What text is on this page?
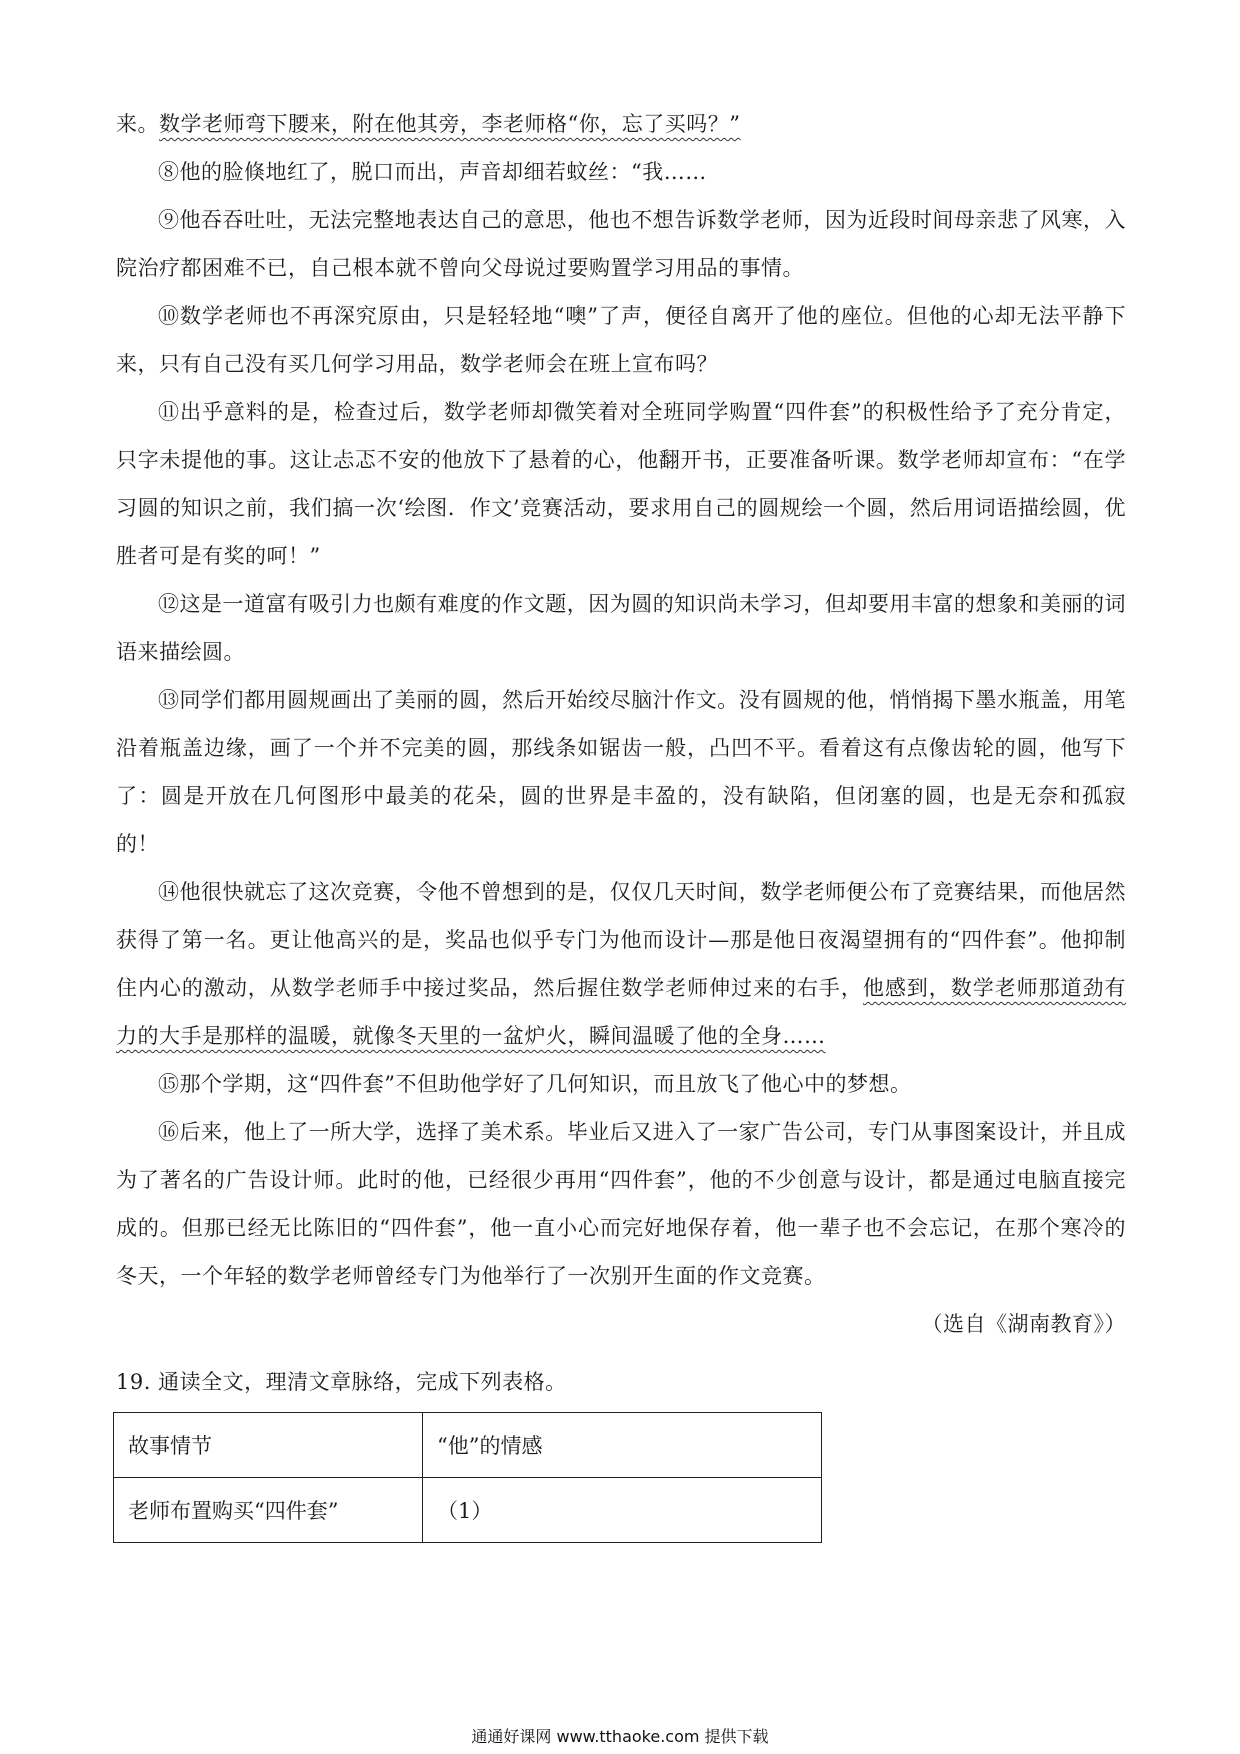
来。数学老师弯下腰来，附在他其旁，李老师格“你，忘了买吗？”

⑧他的脸倏地红了，脱口而出，声音却细若蚊丝：“我……

⑨他吞吞吐吐，无法完整地表达自己的意思，他也不想告诉数学老师，因为近段时间母亲悲了风寒，入院治疗都困难不已，自己根本就不曾向父母说过要购置学习用品的事情。

⑩数学老师也不再深究原由，只是轻轻地“噢”了声，便径自离开了他的座位。但他的心却无法平静下来，只有自己没有买几何学习用品，数学老师会在班上宣布吗？

⑪出乎意料的是，检查过后，数学老师却微笑着对全班同学购置“四件套”的积极性给予了充分肯定，只字未提他的事。这让忐忑不安的他放下了悬着的心，他翻开书，正要准备听课。数学老师却宣布：“在学习圆的知识之前，我们搞一次‘绘图．作文’竞赛活动，要求用自己的圆规绘一个圆，然后用词语描绘圆，优胜者可是有奖的呵！”

⑫这是一道富有吸引力也颇有难度的作文题，因为圆的知识尚未学习，但却要用丰富的想象和美丽的词语来描绘圆。

⑬同学们都用圆规画出了美丽的圆，然后开始绞尽脑汁作文。没有圆规的他，悄悄揭下墨水瓶盖，用笔沿着瓶盖边缘，画了一个并不完美的圆，那线条如锯齿一般，凸凹不平。看着这有点像齿轮的圆，他写下了：圆是开放在几何图形中最美的花朵，圆的世界是丰盈的，没有缺陷，但闭塞的圆，也是无奈和孤寂的！

⑭他很快就忘了这次竞赛，令他不曾想到的是，仅仅几天时间，数学老师便公布了竞赛结果，而他居然获得了第一名。更让他高兴的是，奖品也似乎专门为他而设计—那是他日夜渴望拥有的“四件套”。他抑制住内心的激动，从数学老师手中接过奖品，然后握住数学老师伸过来的右手，他感到，数学老师那道劲有力的大手是那样的温暖，就像冬天里的一盆炉火，瞬间温暖了他的全身……

⑮那个学期，这“四件套”不但助他学好了几何知识，而且放飞了他心中的梦想。

⑯后来，他上了一所大学，选择了美术系。毕业后又进入了一家广告公司，专门从事图案设计，并且成为了著名的广告设计师。此时的他，已经很少再用“四件套”，他的不少创意与设计，都是通过电脑直接完成的。但那已经无比陈旧的“四件套”，他一直小心而完好地保存着，他一辈子也不会忘记，在那个寒冷的冬天，一个年轻的数学老师曾经专门为他举行了一次别开生面的作文竞赛。

（选自《湖南教育》）

19. 通读全文，理清文章脉络，完成下列表格。

故事情节	“他”的情感
老师布置购买“四件套”	（1）
通通好课网 www.tthaoke.com 提供下载
